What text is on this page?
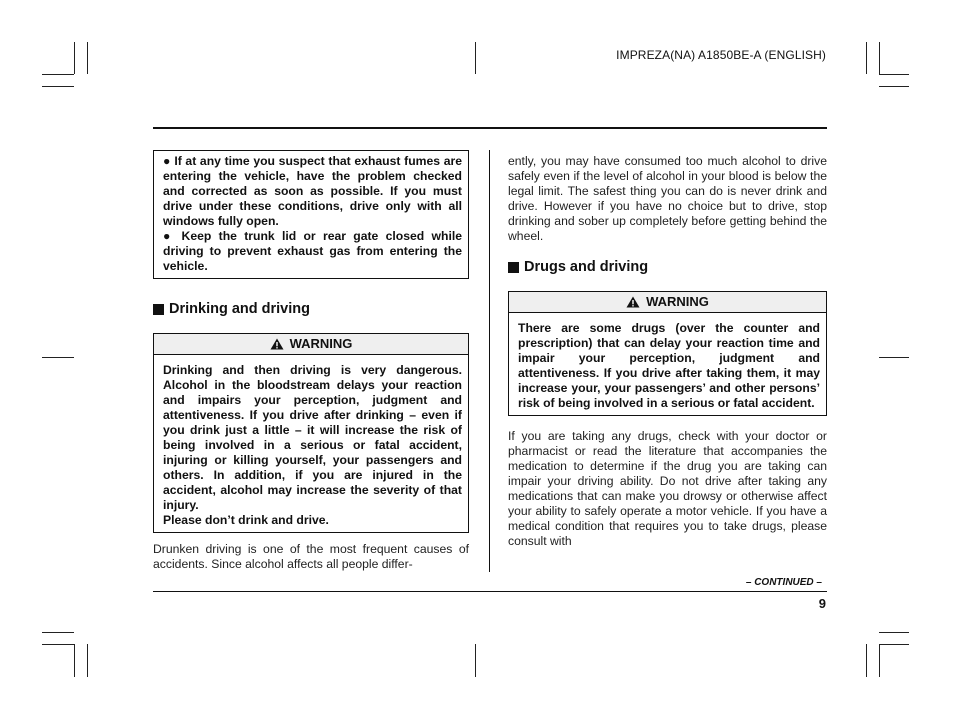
IMPREZA(NA) A1850BE-A (ENGLISH)

● If at any time you suspect that exhaust fumes are entering the vehicle, have the problem checked and corrected as soon as possible. If you must drive under these conditions, drive only with all windows fully open.

● Keep the trunk lid or rear gate closed while driving to prevent exhaust gas from entering the vehicle.

Drinking and driving
WARNING

Drinking and then driving is very dangerous. Alcohol in the bloodstream delays your reaction and impairs your perception, judgment and attentiveness. If you drive after drinking – even if you drink just a little – it will increase the risk of being involved in a serious or fatal accident, injuring or killing yourself, your passengers and others. In addition, if you are injured in the accident, alcohol may increase the severity of that injury.

Please don’t drink and drive.

Drunken driving is one of the most frequent causes of accidents. Since alcohol affects all people differ-

ently, you may have consumed too much alcohol to drive safely even if the level of alcohol in your blood is below the legal limit. The safest thing you can do is never drink and drive. However if you have no choice but to drive, stop drinking and sober up completely before getting behind the wheel.

Drugs and driving
WARNING

There are some drugs (over the counter and prescription) that can delay your reaction time and impair your perception, judgment and attentiveness. If you drive after taking them, it may increase your, your passengers’ and other persons’ risk of being involved in a serious or fatal accident.

If you are taking any drugs, check with your doctor or pharmacist or read the literature that accompanies the medication to determine if the drug you are taking can impair your driving ability. Do not drive after taking any medications that can make you drowsy or otherwise affect your ability to safely operate a motor vehicle. If you have a medical condition that requires you to take drugs, please consult with

– CONTINUED –
9
